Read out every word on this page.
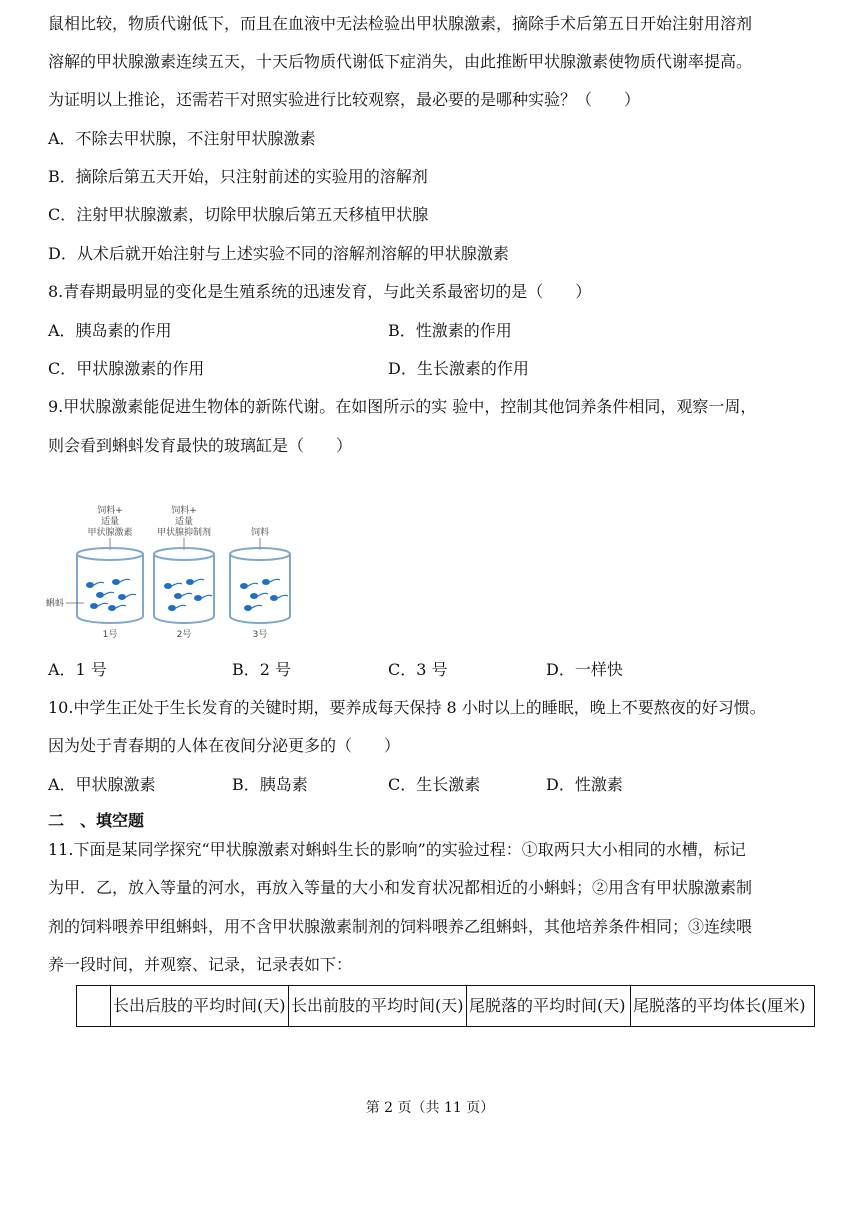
鼠相比较，物质代谢低下，而且在血液中无法检验出甲状腺激素，摘除手术后第五日开始注射用溶剂
溶解的甲状腺激素连续五天，十天后物质代谢低下症消失，由此推断甲状腺激素使物质代谢率提高。
为证明以上推论，还需若干对照实验进行比较观察，最必要的是哪种实验？（　　）
A．不除去甲状腺，不注射甲状腺激素
B．摘除后第五天开始，只注射前述的实验用的溶解剂
C．注射甲状腺激素，切除甲状腺后第五天移植甲状腺
D．从术后就开始注射与上述实验不同的溶解剂溶解的甲状腺激素
8.青春期最明显的变化是生殖系统的迅速发育，与此关系最密切的是（　　）
A．胰岛素的作用	B．性激素的作用
C．甲状腺激素的作用	D．生长激素的作用
9.甲状腺激素能促进生物体的新陈代谢。在如图所示的实 验中，控制其他饲养条件相同，观察一周，
则会看到蝌蚪发育最快的玻璃缸是（　　）
饲料+
适量
甲状腺激素
饲料+
适量
甲状腺抑制剂	饲料
蝌蚪
1号	2号	3号
A．1 号	B．2 号	C．3 号	D．一样快
10.中学生正处于生长发育的关键时期，要养成每天保持 8 小时以上的睡眠，晚上不要熬夜的好习惯。
因为处于青春期的人体在夜间分泌更多的（　　）
A．甲状腺激素	B．胰岛素	C．生长激素	D．性激素
二　、填空题
11.下面是某同学探究“甲状腺激素对蝌蚪生长的影响”的实验过程：①取两只大小相同的水槽，标记
为甲．乙，放入等量的河水，再放入等量的大小和发育状况都相近的小蝌蚪；②用含有甲状腺激素制
剂的饲料喂养甲组蝌蚪，用不含甲状腺激素制剂的饲料喂养乙组蝌蚪，其他培养条件相同；③连续喂
养一段时间，并观察、记录，记录表如下：
	长出后肢的平均时间(天)	长出前肢的平均时间(天)	尾脱落的平均时间(天)	尾脱落的平均体长(厘米)
第 2 页（共 11 页）
